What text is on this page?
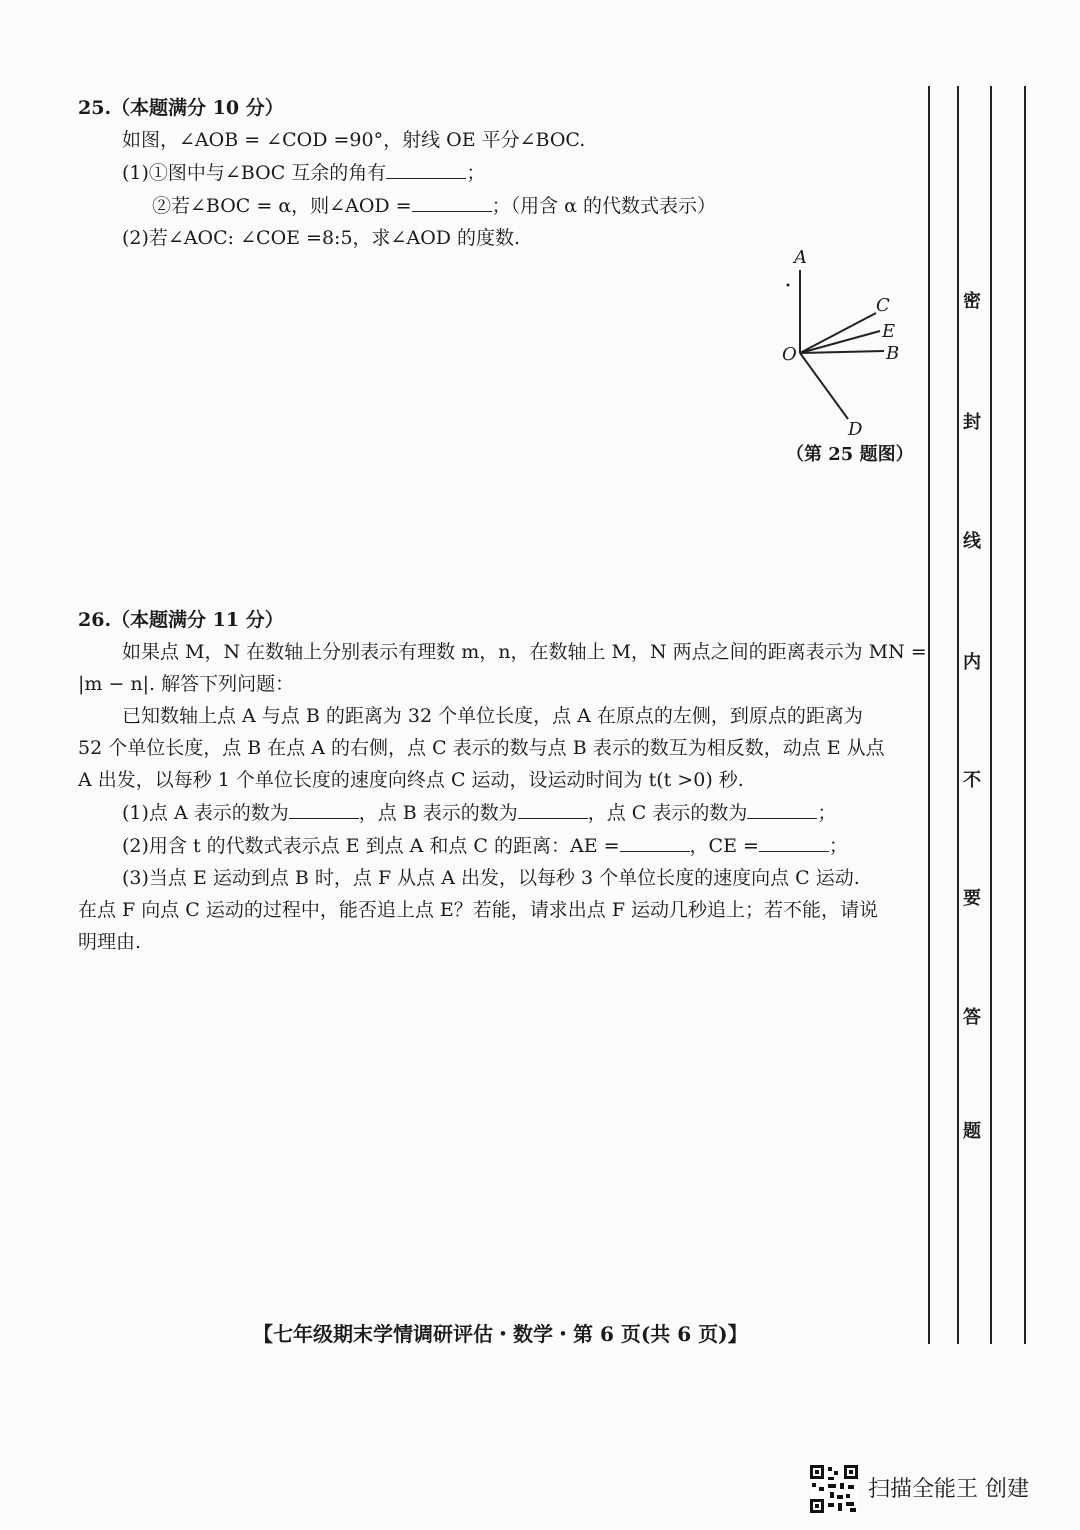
25.（本题满分 10 分）
如图，∠AOB = ∠COD =90°，射线 OE 平分∠BOC.
(1)①图中与∠BOC 互余的角有	；
②若∠BOC = α，则∠AOD =	；（用含 α 的代数式表示）
(2)若∠AOC: ∠COE =8:5，求∠AOD 的度数.
A
C
E
O	B
D
（第 25 题图）
26.（本题满分 11 分）
如果点 M，N 在数轴上分别表示有理数 m，n，在数轴上 M，N 两点之间的距离表示为 MN =
|m − n|. 解答下列问题：
已知数轴上点 A 与点 B 的距离为 32 个单位长度，点 A 在原点的左侧，到原点的距离为
52 个单位长度，点 B 在点 A 的右侧，点 C 表示的数与点 B 表示的数互为相反数，动点 E 从点
A 出发，以每秒 1 个单位长度的速度向终点 C 运动，设运动时间为 t(t >0) 秒.
(1)点 A 表示的数为	，点 B 表示的数为	，点 C 表示的数为	；
(2)用含 t 的代数式表示点 E 到点 A 和点 C 的距离：AE =	，CE =	；
(3)当点 E 运动到点 B 时，点 F 从点 A 出发，以每秒 3 个单位长度的速度向点 C 运动.
在点 F 向点 C 运动的过程中，能否追上点 E？若能，请求出点 F 运动几秒追上；若不能，请说
明理由.
密
封
线
内
不
要
答
题
【七年级期末学情调研评估・数学・第 6 页(共 6 页)】
扫描全能王 创建
